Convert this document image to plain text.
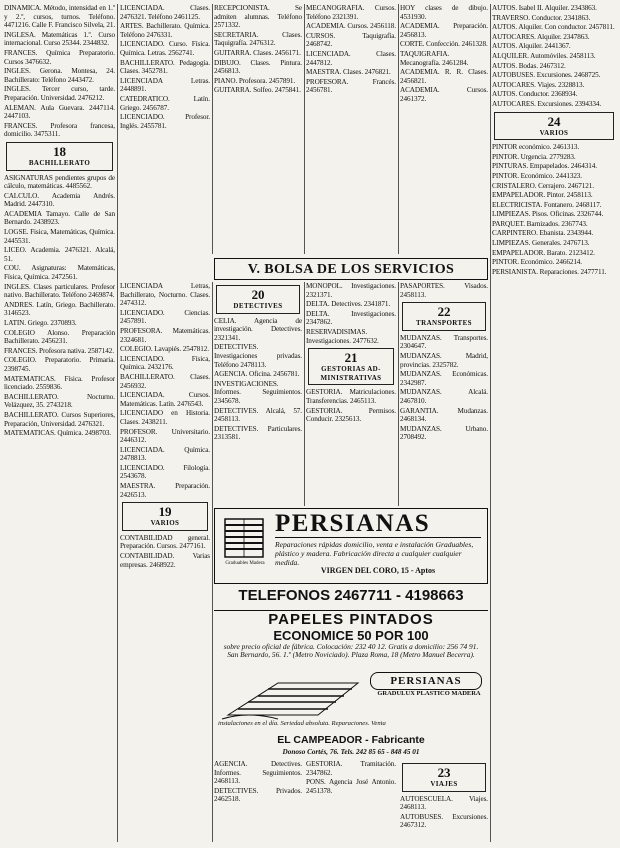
DINAMICA. Método, intensidad en 1.º y 2.º, cursos, turnos. Teléfono. 4471216. Calle F. Francisco Silvela, 21.

INGLESA. Matemáticas 1.º. Curso internacional. Curso 25344. 2344832.

FRANCES. Química Preparatorio. Cursos 3476632.

INGLES. Gerona. Montesa, 24. Bachillerato: Teléfono 2443472.

INGLES. Tercer curso, tarde. Preparación. Universidad. 2476212.

ALEMAN. Aula Guevara. 2447114. 2447103.

FRANCES. Profesora francesa, domicilio. 3475311.

18
BACHILLERATO

ASIGNATURAS pendientes grupos de cálculo, matemáticas. 4485562.

CALCULO. Academia Andrés. Madrid. 2447310.

ACADEMIA Tamayo. Calle de San Bernardo. 2438923.

LOGSE. Fisica, Matemáticas, Química. 2445531.

LICEO. Academia. 2476321. Alcalá, 51.

COU. Asignaturas: Matemáticas, Física, Química. 2472561.

INGLES. Clases particulares. Profesor nativo. Bachillerato. Teléfono 2469874.

ANDRES. Latín, Griego. Bachillerato. 3146523.

LATIN. Griego. 2370893.

COLEGIO Alonso. Preparación Bachillerato. 2456231.

FRANCES. Profesora nativa. 2587142.

COLEGIO. Preparatorio. Primaria. 2398745.

MATEMATICAS. Física. Profesor licenciado. 2559836.

BACHILLERATO. Nocturno. Velázquez, 35. 2743218.

BACHILLERATO. Cursos Superiores, Preparación, Universidad. 2476321.

MATEMATICAS. Química. 2498703.

LICENCIADA. Clases. 2476321. Teléfono 2461125.

ARTES. Bachillerato. Química. Teléfono 2476331.

LICENCIADO. Curso. Física. Química. Letras. 2562741.

BACHILLERATO. Pedagogía. Clases. 3452781.

LICENCIADA Letras. 2448891.

CATEDRATICO. Latín. Griego. 2456787.

LICENCIADO. Profesor. Inglés. 2455781.

LICENCIADA Letras, Bachillerato, Nocturno. Clases. 2474312.

LICENCIADO. Ciencias. 2457891.

PROFESORA. Matemáticas. 2324681.

COLEGIO. Lavapiés. 2547812.

LICENCIADO. Física, Química. 2432176.

BACHILLERATO. Clases. 2456932.

LICENCIADA. Cursos. Matemáticas. Latín. 2476543.

LICENCIADO en Historia. Clases. 2438211.

PROFESOR. Universitario. 2446312.

LICENCIADA. Química. 2478813.

LICENCIADO. Filología. 2543678.

MAESTRA. Preparación. 2426513.

19
VARIOS

CONTABILIDAD general. Preparación. Cursos. 2477161.

CONTABILIDAD. Varias empresas. 2468922.

RECEPCIONISTA. Se admiten alumnas. Teléfono 2571332.

SECRETARIA. Clases. Taquigrafía. 2476312.

GUITARRA. Clases. 2456171.

DIBUJO. Clases. Pintura. 2456813.

PIANO. Profesora. 2457891.

GUITARRA. Solfeo. 2475841.

MECANOGRAFIA. Cursos. Teléfono 2321391.

ACADEMIA. Cursos. 2456118.

CURSOS. Taquigrafía. 2468742.

LICENCIADA. Clases. 2447812.

MAESTRA. Clases. 2476821.

PROFESORA. Francés. 2456781.

HOY clases de dibujo. 4531930.

ACADEMIA. Preparación. 2456813.

CORTE. Confección. 2461328.

TAQUIGRAFIA. Mecanografía. 2461284.

ACADEMIA. R. R. Clases. 2456821.

ACADEMIA. Cursos. 2461372.

V. BOLSA DE LOS SERVICIOS
20
DETECTIVES

CELIA. Agencia de investigación. Detectives. 2321341.

DETECTIVES. Investigaciones privadas. Teléfono 2478113.

AGENCIA. Oficina. 2456781.

INVESTIGACIONES. Informes. Seguimientos. 2345678.

DETECTIVES. Alcalá, 57. 2458113.

DETECTIVES. Particulares. 2313581.

MONOPOL. Investigaciones. 2321371.

DELTA. Detectives. 2341871.

DELTA. Investigaciones. 2347862.

RESERVADISIMAS. Investigaciones. 2477632.

21
GESTORIAS AD-MINISTRATIVAS

GESTORIA. Matriculaciones. Transferencias. 2465113.

GESTORIA. Permisos. Conducir. 2325613.

PASAPORTES. Visados. 2458113.

22
TRANSPORTES

MUDANZAS. Transportes. 2304647.

MUDANZAS. Madrid, provincias. 2325782.

MUDANZAS. Económicas. 2342987.

MUDANZAS. Alcalá. 2467810.

GARANTIA. Mudanzas. 2468134.

MUDANZAS. Urbano. 2708492.

Graduables Madera
PERSIANAS
Reparaciones rápidas domicilio, venta e instalación Graduables, plástico y madera. Fabricación directa a cualquier cualquier medida.
VIRGEN DEL CORO, 15 - Aptos
TELEFONOS 2467711 - 4198663
PAPELES PINTADOS
ECONOMICE 50 POR 100
sobre precio oficial de fábrica. Colocación: 232 40 12. Gratis a domicilio: 256 74 91. San Bernardo, 56. 1.º (Metro Noviciado). Plaza Roma, 18 (Metro Manuel Becerra).
PERSIANAS
GRADULUX PLASTICO MADERA
instalaciones en el día. Seriedad absoluta. Reparaciones. Venta
EL CAMPEADOR - Fabricante
Donoso Cortés, 76. Tels. 242 85 65 - 848 45 01

AGENCIA. Detectives. Informes. Seguimientos. 2468113.

DETECTIVES. Privados. 2462518.

GESTORIA. Tramitación. 2347862.

PONS. Agencia José Antonio. 2451378.

23
VIAJES

AUTOESCUELA. Viajes. 2468113.

AUTOBUSES. Excursiones. 2467312.

AUTOS. Isabel II. Alquiler. 2343863.

TRAVERSO. Conductor. 2341863.

AUTOS. Alquiler. Con conductor. 2457811.

AUTOCARES. Alquiler. 2347863.

AUTOS. Alquiler. 2441367.

ALQUILER. Automóviles. 2458113.

AUTOS. Bodas. 2467312.

AUTOBUSES. Excursiones. 2468725.

AUTOCARES. Viajes. 2328813.

AUTOS. Conductor. 2368934.

AUTOCARES. Excursiones. 2394334.

24
VARIOS

PINTOR económico. 2461313.

PINTOR. Urgencia. 2779283.

PINTURAS. Empapelados. 2464314.

PINTOR. Económico. 2441323.

CRISTALERO. Cerrajero. 2467121.

EMPAPELADOR. Pintor. 2458113.

ELECTRICISTA. Fontanero. 2468117.

LIMPIEZAS. Pisos. Oficinas. 2326744.

PARQUET. Barnizados. 2367743.

CARPINTERO. Ebanista. 2343944.

LIMPIEZAS. Generales. 2476713.

EMPAPELADOR. Barato. 2123412.

PINTOR. Económico. 2466214.

PERSIANISTA. Reparaciones. 2477711.
